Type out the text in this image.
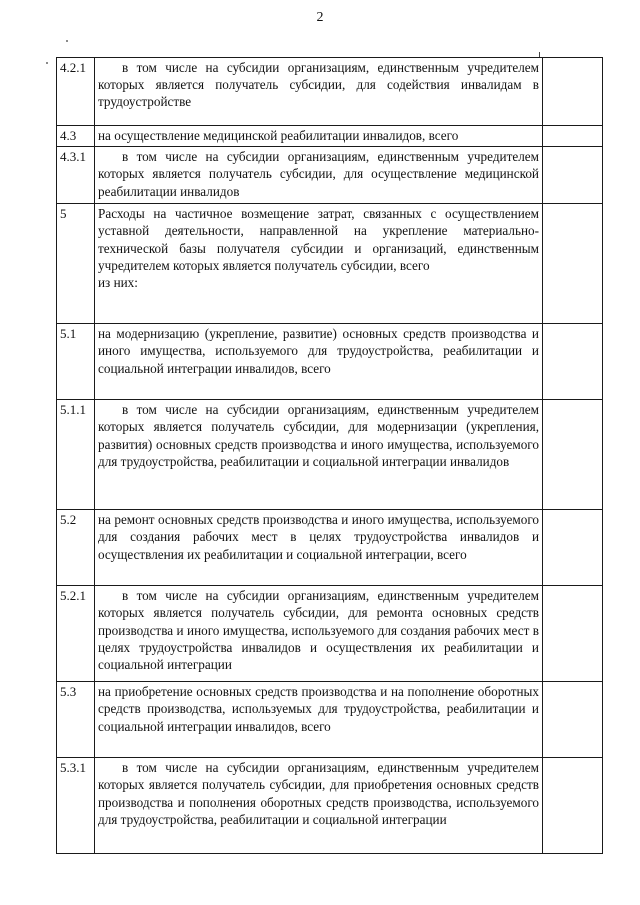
2
4.2.1	в том числе на субсидии организациям, единственным учредителем которых является получатель субсидии, для содействия инвалидам в трудоустройстве	
4.3	на осуществление медицинской реабилитации инвалидов, всего	
4.3.1	в том числе на субсидии организациям, единственным учредителем которых является получатель субсидии, для осуществление медицинской реабилитации инвалидов	
5	Расходы на частичное возмещение затрат, связанных с осуществлением уставной деятельности, направленной на укрепление материально-технической базы получателя субсидии и организаций, единственным учредителем которых является получатель субсидии, всего
из них:	
5.1	на модернизацию (укрепление, развитие) основных средств производства и иного имущества, используемого для трудоустройства, реабилитации и социальной интеграции инвалидов, всего	
5.1.1	в том числе на субсидии организациям, единственным учредителем которых является получатель субсидии, для модернизации (укрепления, развития) основных средств производства и иного имущества, используемого для трудоустройства, реабилитации и социальной интеграции инвалидов	
5.2	на ремонт основных средств производства и иного имущества, используемого для создания рабочих мест в целях трудоустройства инвалидов и осуществления их реабилитации и социальной интеграции, всего	
5.2.1	в том числе на субсидии организациям, единственным учредителем которых является получатель субсидии, для ремонта основных средств производства и иного имущества, используемого для создания рабочих мест в целях трудоустройства инвалидов и осуществления их реабилитации и социальной интеграции	
5.3	на приобретение основных средств производства и на пополнение оборотных средств производства, используемых для трудоустройства, реабилитации и социальной интеграции инвалидов, всего	
5.3.1	в том числе на субсидии организациям, единственным учредителем которых является получатель субсидии, для приобретения основных средств производства и пополнения оборотных средств производства, используемого для трудоустройства, реабилитации и социальной интеграции	
